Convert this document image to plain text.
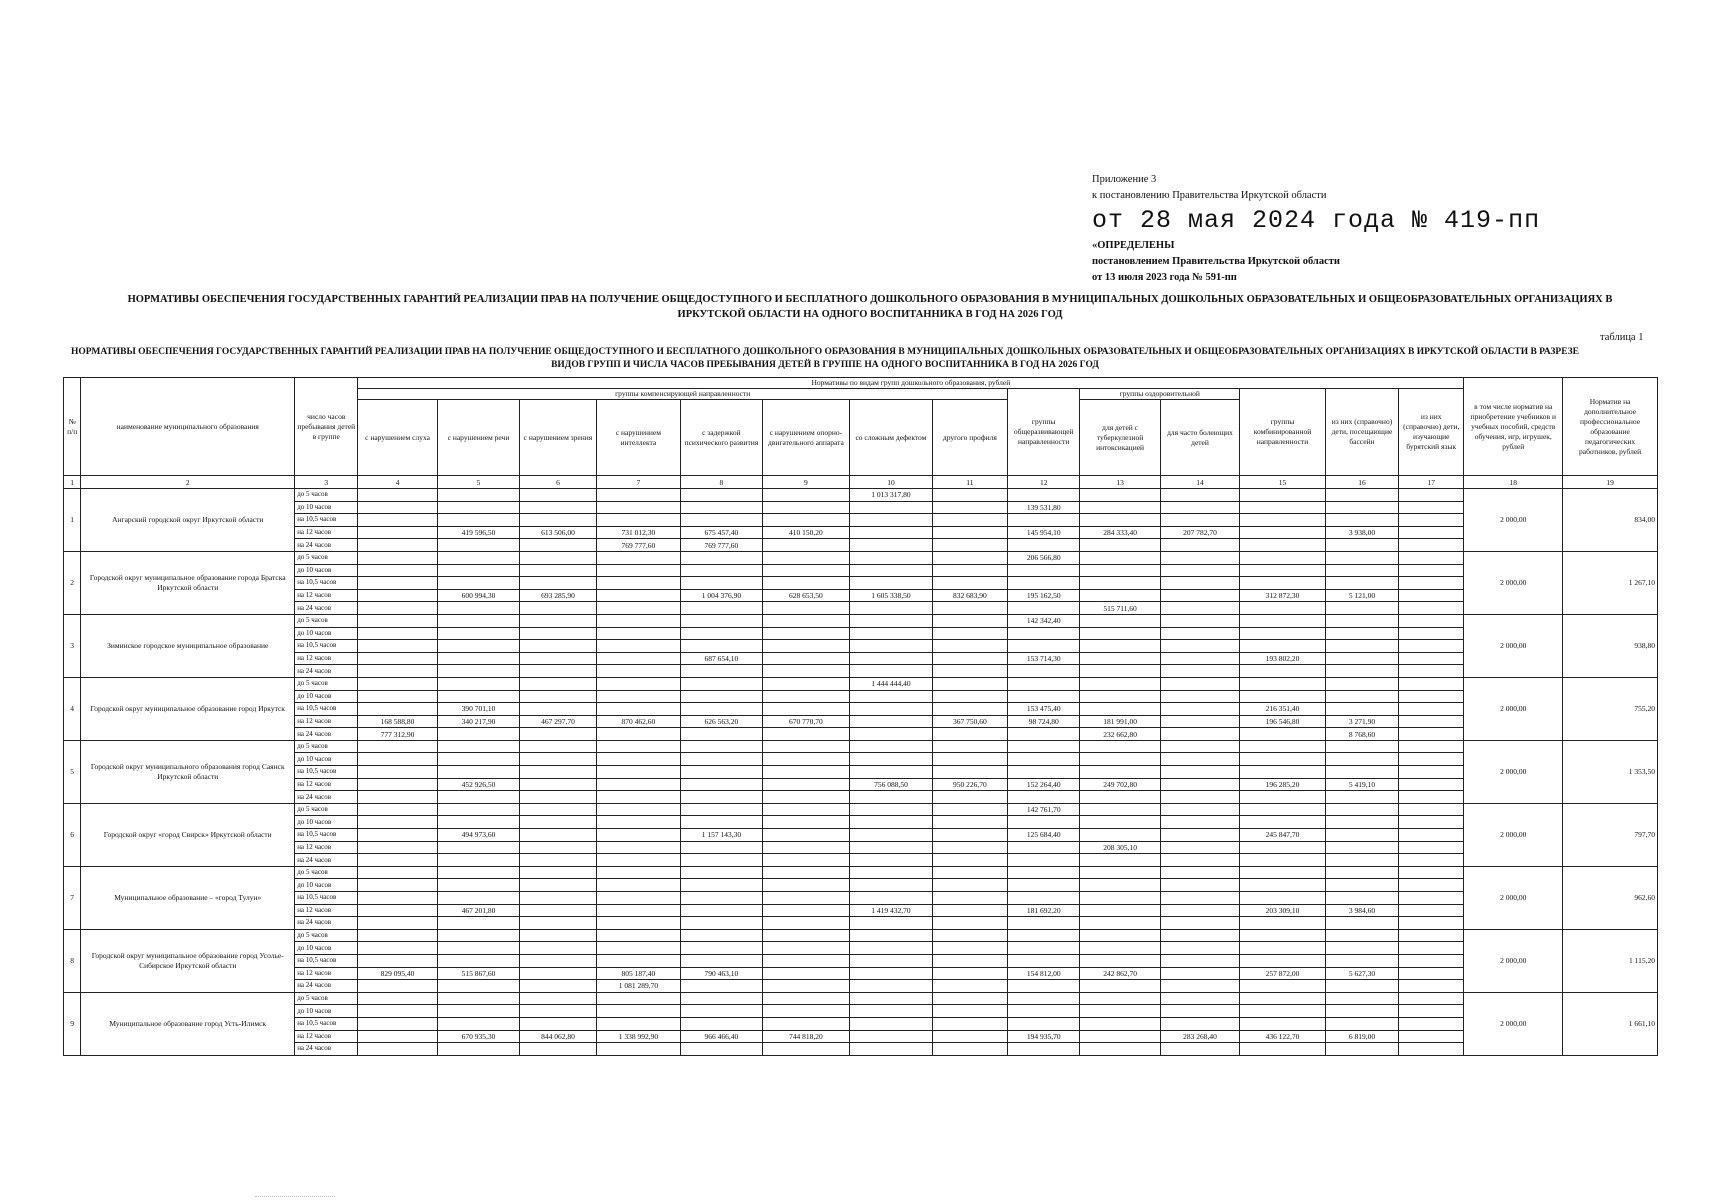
Приложение 3
к постановлению Правительства Иркутской области
от 28 мая 2024 года № 419-пп
«ОПРЕДЕЛЕНЫ
постановлением Правительства Иркутской области
от 13 июля 2023 года № 591-пп
НОРМАТИВЫ ОБЕСПЕЧЕНИЯ ГОСУДАРСТВЕННЫХ ГАРАНТИЙ РЕАЛИЗАЦИИ ПРАВ НА ПОЛУЧЕНИЕ ОБЩЕДОСТУПНОГО И БЕСПЛАТНОГО ДОШКОЛЬНОГО ОБРАЗОВАНИЯ В МУНИЦИПАЛЬНЫХ ДОШКОЛЬНЫХ ОБРАЗОВАТЕЛЬНЫХ И ОБЩЕОБРАЗОВАТЕЛЬНЫХ ОРГАНИЗАЦИЯХ В ИРКУТСКОЙ ОБЛАСТИ НА ОДНОГО ВОСПИТАННИКА В ГОД НА 2026 ГОД
таблица 1
НОРМАТИВЫ ОБЕСПЕЧЕНИЯ ГОСУДАРСТВЕННЫХ ГАРАНТИЙ РЕАЛИЗАЦИИ ПРАВ НА ПОЛУЧЕНИЕ ОБЩЕДОСТУПНОГО И БЕСПЛАТНОГО ДОШКОЛЬНОГО ОБРАЗОВАНИЯ В МУНИЦИПАЛЬНЫХ ДОШКОЛЬНЫХ ОБРАЗОВАТЕЛЬНЫХ И ОБЩЕОБРАЗОВАТЕЛЬНЫХ ОРГАНИЗАЦИЯХ В ИРКУТСКОЙ ОБЛАСТИ В РАЗРЕЗЕ ВИДОВ ГРУПП И ЧИСЛА ЧАСОВ ПРЕБЫВАНИЯ ДЕТЕЙ В ГРУППЕ НА ОДНОГО ВОСПИТАННИКА В ГОД НА 2026 ГОД
№ п/п	наименование муниципального образования	число часов пребывания детей в группе	Нормативы по видам групп дошкольного образования, рублей														в том числе норматив на приобретение учебников и учебных пособий, средств обучения, игр, игрушек, рублей	Норматив на дополнительное профессиональное образование педагогических работников, рублей
			группы компенсирующей направленности								группы общеразвивающей направленности	группы оздоровительной		группы комбинированной направленности	из них (справочно) дети, посещающие бассейн	из них (справочно) дети, изучающие бурятский язык		
			с нарушением слуха	с нарушением речи	с нарушением зрения	с нарушением интеллекта	с задержкой психического развития	с нарушением опорно-двигательного аппарата	со сложным дефектом	другого профиля		для детей с туберкулезной интоксикацией	для часто болеющих детей					
1	2	3	4	5	6	7	8	9	10	11	12	13	14	15	16	17	18	19
1	Ангарский городской округ Иркутской области	до 5 часов							1 013 317,80								2 000,00	834,00
		до 10 часов									139 531,80							
		на 10,5 часов																
		на 12 часов		419 596,50	613 506,00	731 012,30	675 457,40	410 150,20			145 954,10	284 333,40	207 782,70		3 938,00			
		на 24 часов				769 777,60	769 777,60											
2	Городской округ муниципальное образование города Братска Иркутской области	до 5 часов									206 566,80						2 000,00	1 267,10
		до 10 часов																
		на 10,5 часов																
		на 12 часов		600 994,30	693 285,90		1 004 376,90	628 653,50	1 605 338,50	832 683,90	195 162,50			312 872,30	5 121,00			
		на 24 часов										515 711,60						
3	Зиминское городское муниципальное образование	до 5 часов									142 342,40						2 000,00	938,80
		до 10 часов																
		на 10,5 часов																
		на 12 часов					687 654,10				153 714,30			193 802,20				
		на 24 часов																
4	Городской округ муниципальное образование город Иркутск	до 5 часов							1 444 444,40								2 000,00	755,20
		до 10 часов																
		на 10,5 часов		390 701,10							153 475,40			216 351,40				
		на 12 часов	168 588,80	340 217,90	467 297,70	870 462,60	626 563,20	670 770,70		367 750,60	98 724,80	181 991,00		196 546,80	3 271,90			
		на 24 часов	777 312,90									232 662,80			8 768,60			
5	Городской округ муниципального образования город Саянск Иркутской области	до 5 часов															2 000,00	1 353,50
		до 10 часов																
		на 10,5 часов																
		на 12 часов		452 926,50					756 088,50	950 226,70	152 264,40	249 702,80		196 285,20	5 419,10			
		на 24 часов																
6	Городской округ «город Свирск» Иркутской области	до 5 часов									142 761,70						2 000,00	797,70
		до 10 часов																
		на 10,5 часов		494 973,60			1 157 143,30				125 684,40			245 847,70				
		на 12 часов										208 305,10						
		на 24 часов																
7	Муниципальное образование – «город Тулун»	до 5 часов															2 000,00	962,60
		до 10 часов																
		на 10,5 часов																
		на 12 часов		467 201,80					1 419 432,70		181 692,20			203 309,10	3 984,60			
		на 24 часов																
8	Городской округ муниципальное образование город Усолье-Сибирское Иркутской области	до 5 часов															2 000,00	1 115,20
		до 10 часов																
		на 10,5 часов																
		на 12 часов	829 095,40	515 867,60		805 187,40	790 463,10				154 812,00	242 862,70		257 872,00	5 627,30			
		на 24 часов				1 081 289,70												
9	Муниципальное образование город Усть-Илимск	до 5 часов															2 000,00	1 661,10
		до 10 часов																
		на 10,5 часов																
		на 12 часов		670 935,30	844 062,80	1 338 992,90	966 466,40	744 818,20			194 935,70		283 268,40	436 122,70	6 819,00			
		на 24 часов																
